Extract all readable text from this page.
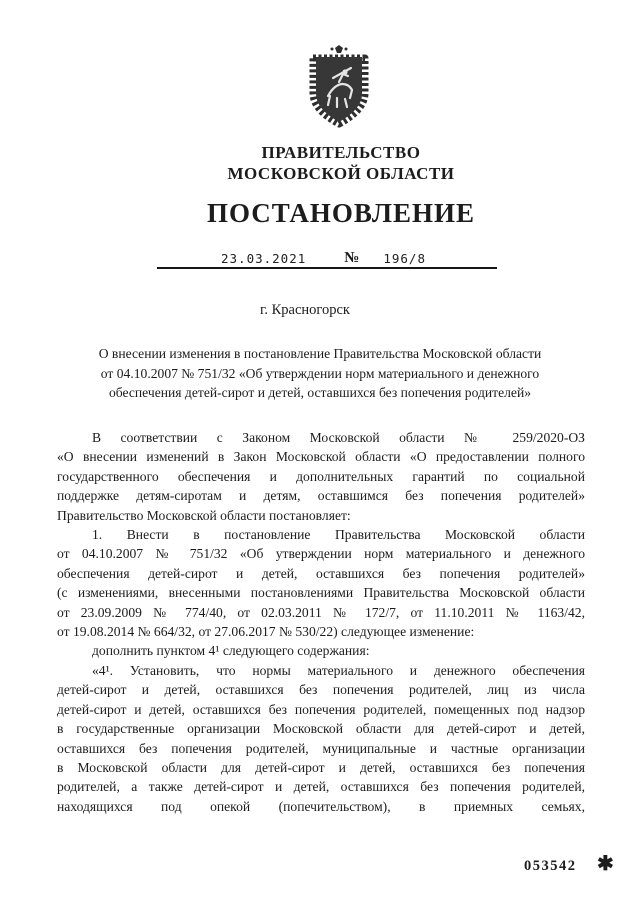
ПРАВИТЕЛЬСТВО
МОСКОВСКОЙ ОБЛАСТИ
ПОСТАНОВЛЕНИЕ
23.03.2021	№ 196/8
г. Красногорск
О внесении изменения в постановление Правительства Московской области
от 04.10.2007 № 751/32 «Об утверждении норм материального и денежного
обеспечения детей-сирот и детей, оставшихся без попечения родителей»
В соответствии с Законом Московской области № 259/2020-ОЗ
«О внесении изменений в Закон Московской области «О предоставлении полного
государственного обеспечения и дополнительных гарантий по социальной
поддержке детям-сиротам и детям, оставшимся без попечения родителей»
Правительство Московской области постановляет:
1. Внести в постановление Правительства Московской области
от 04.10.2007 № 751/32 «Об утверждении норм материального и денежного
обеспечения детей-сирот и детей, оставшихся без попечения родителей»
(с изменениями, внесенными постановлениями Правительства Московской области
от 23.09.2009 № 774/40, от 02.03.2011 № 172/7, от 11.10.2011 № 1163/42,
от 19.08.2014 № 664/32, от 27.06.2017 № 530/22) следующее изменение:
дополнить пунктом 4¹ следующего содержания:
«4¹. Установить, что нормы материального и денежного обеспечения
детей-сирот и детей, оставшихся без попечения родителей, лиц из числа
детей-сирот и детей, оставшихся без попечения родителей, помещенных под надзор
в государственные организации Московской области для детей-сирот и детей,
оставшихся без попечения родителей, муниципальные и частные организации
в Московской области для детей-сирот и детей, оставшихся без попечения
родителей, а также детей-сирот и детей, оставшихся без попечения родителей,
находящихся под опекой (попечительством), в приемных семьях,
053542 ✱
